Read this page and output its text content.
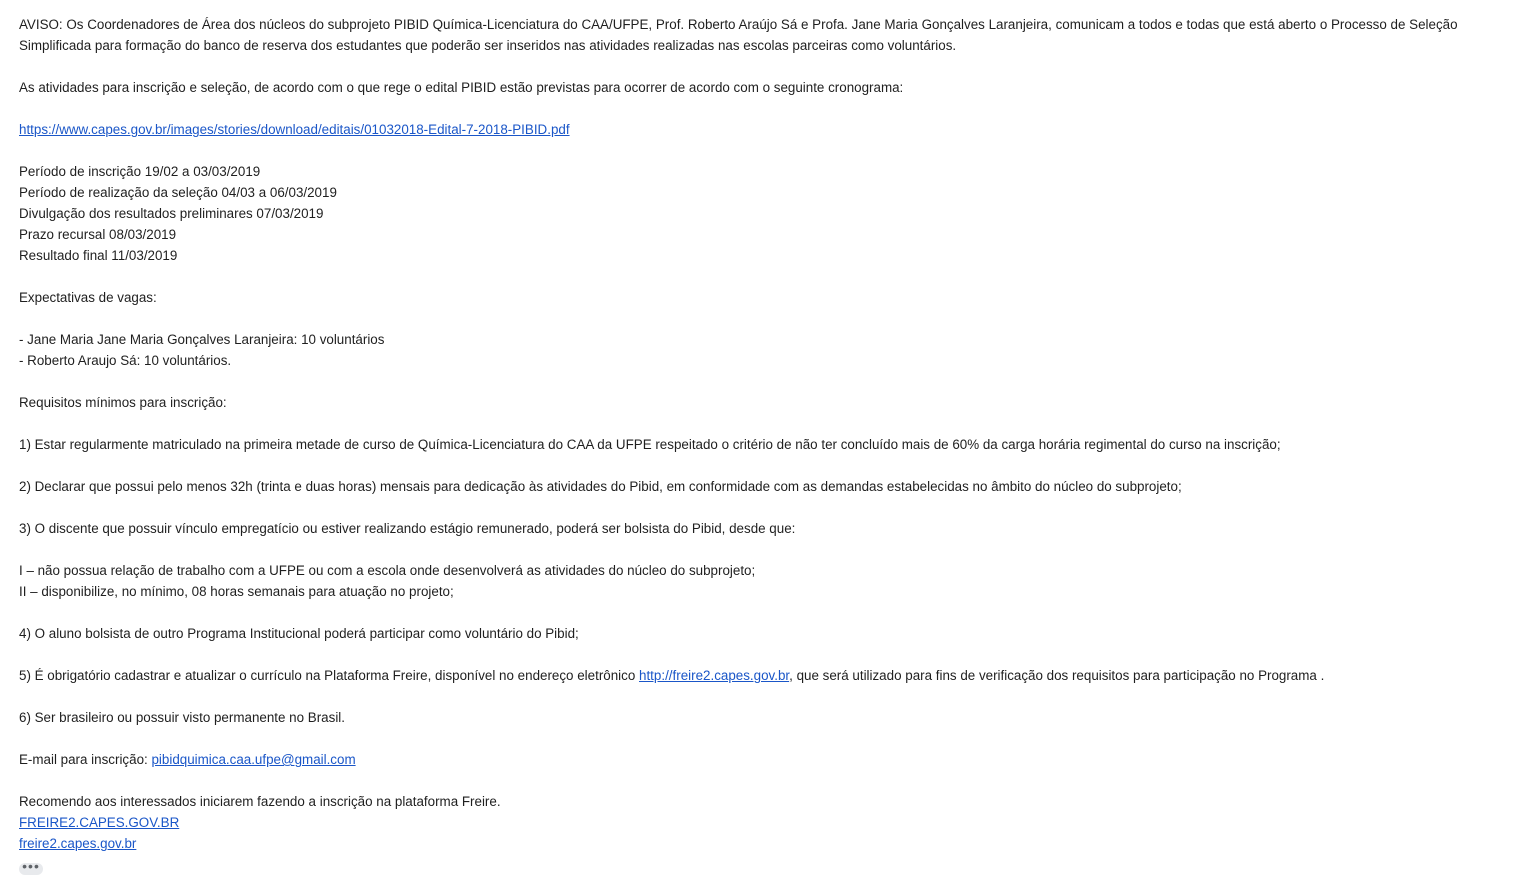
AVISO: Os Coordenadores de Área dos núcleos do subprojeto PIBID Química-Licenciatura do CAA/UFPE, Prof. Roberto Araújo Sá e Profa. Jane Maria Gonçalves Laranjeira, comunicam a todos e todas que está aberto o Processo de Seleção Simplificada para formação do banco de reserva dos estudantes que poderão ser inseridos nas atividades realizadas nas escolas parceiras como voluntários.

As atividades para inscrição e seleção, de acordo com o que rege o edital PIBID estão previstas para ocorrer de acordo com o seguinte cronograma:

https://www.capes.gov.br/images/stories/download/editais/01032018-Edital-7-2018-PIBID.pdf

Período de inscrição 19/02 a 03/03/2019

Período de realização da seleção 04/03 a 06/03/2019

Divulgação dos resultados preliminares 07/03/2019

Prazo recursal 08/03/2019

Resultado final 11/03/2019

Expectativas de vagas:

- Jane Maria Jane Maria Gonçalves Laranjeira: 10 voluntários

- Roberto Araujo Sá: 10 voluntários.

Requisitos mínimos para inscrição:

1) Estar regularmente matriculado na primeira metade de curso de Química-Licenciatura do CAA da UFPE respeitado o critério de não ter concluído mais de 60% da carga horária regimental do curso na inscrição;

2) Declarar que possui pelo menos 32h (trinta e duas horas) mensais para dedicação às atividades do Pibid, em conformidade com as demandas estabelecidas no âmbito do núcleo do subprojeto;

3) O discente que possuir vínculo empregatício ou estiver realizando estágio remunerado, poderá ser bolsista do Pibid, desde que:

I – não possua relação de trabalho com a UFPE ou com a escola onde desenvolverá as atividades do núcleo do subprojeto;

II – disponibilize, no mínimo, 08 horas semanais para atuação no projeto;

4) O aluno bolsista de outro Programa Institucional poderá participar como voluntário do Pibid;

5) É obrigatório cadastrar e atualizar o currículo na Plataforma Freire, disponível no endereço eletrônico http://freire2.capes.gov.br, que será utilizado para fins de verificação dos requisitos para participação no Programa .

6) Ser brasileiro ou possuir visto permanente no Brasil.

E-mail para inscrição: pibidquimica.caa.ufpe@gmail.com

Recomendo aos interessados iniciarem fazendo a inscrição na plataforma Freire.

FREIRE2.CAPES.GOV.BR

freire2.capes.gov.br

•••
